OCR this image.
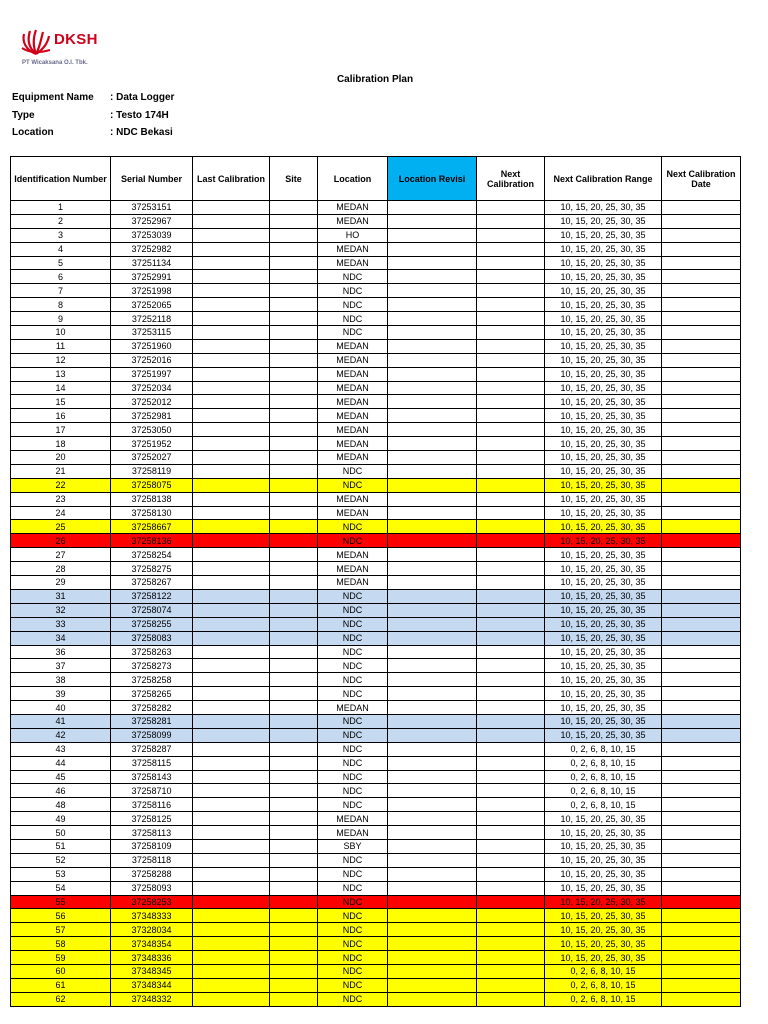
DKSH
PT Wicaksana O.I. Tbk.
Calibration Plan
Equipment Name	: Data Logger
Type	: Testo 174H
Location	: NDC Bekasi
Identification Number	Serial Number	Last Calibration	Site	Location	Location Revisi	Next Calibration	Next Calibration Range	Next Calibration Date
1	37253151			MEDAN			10, 15, 20, 25, 30, 35	
2	37252967			MEDAN			10, 15, 20, 25, 30, 35	
3	37253039			HO			10, 15, 20, 25, 30, 35	
4	37252982			MEDAN			10, 15, 20, 25, 30, 35	
5	37251134			MEDAN			10, 15, 20, 25, 30, 35	
6	37252991			NDC			10, 15, 20, 25, 30, 35	
7	37251998			NDC			10, 15, 20, 25, 30, 35	
8	37252065			NDC			10, 15, 20, 25, 30, 35	
9	37252118			NDC			10, 15, 20, 25, 30, 35	
10	37253115			NDC			10, 15, 20, 25, 30, 35	
11	37251960			MEDAN			10, 15, 20, 25, 30, 35	
12	37252016			MEDAN			10, 15, 20, 25, 30, 35	
13	37251997			MEDAN			10, 15, 20, 25, 30, 35	
14	37252034			MEDAN			10, 15, 20, 25, 30, 35	
15	37252012			MEDAN			10, 15, 20, 25, 30, 35	
16	37252981			MEDAN			10, 15, 20, 25, 30, 35	
17	37253050			MEDAN			10, 15, 20, 25, 30, 35	
18	37251952			MEDAN			10, 15, 20, 25, 30, 35	
20	37252027			MEDAN			10, 15, 20, 25, 30, 35	
21	37258119			NDC			10, 15, 20, 25, 30, 35	
22	37258075			NDC			10, 15, 20, 25, 30, 35	
23	37258138			MEDAN			10, 15, 20, 25, 30, 35	
24	37258130			MEDAN			10, 15, 20, 25, 30, 35	
25	37258667			NDC			10, 15, 20, 25, 30, 35	
26	37258136			NDC			10, 15, 20, 25, 30, 35	
27	37258254			MEDAN			10, 15, 20, 25, 30, 35	
28	37258275			MEDAN			10, 15, 20, 25, 30, 35	
29	37258267			MEDAN			10, 15, 20, 25, 30, 35	
31	37258122			NDC			10, 15, 20, 25, 30, 35	
32	37258074			NDC			10, 15, 20, 25, 30, 35	
33	37258255			NDC			10, 15, 20, 25, 30, 35	
34	37258083			NDC			10, 15, 20, 25, 30, 35	
36	37258263			NDC			10, 15, 20, 25, 30, 35	
37	37258273			NDC			10, 15, 20, 25, 30, 35	
38	37258258			NDC			10, 15, 20, 25, 30, 35	
39	37258265			NDC			10, 15, 20, 25, 30, 35	
40	37258282			MEDAN			10, 15, 20, 25, 30, 35	
41	37258281			NDC			10, 15, 20, 25, 30, 35	
42	37258099			NDC			10, 15, 20, 25, 30, 35	
43	37258287			NDC			0, 2, 6, 8, 10, 15	
44	37258115			NDC			0, 2, 6, 8, 10, 15	
45	37258143			NDC			0, 2, 6, 8, 10, 15	
46	37258710			NDC			0, 2, 6, 8, 10, 15	
48	37258116			NDC			0, 2, 6, 8, 10, 15	
49	37258125			MEDAN			10, 15, 20, 25, 30, 35	
50	37258113			MEDAN			10, 15, 20, 25, 30, 35	
51	37258109			SBY			10, 15, 20, 25, 30, 35	
52	37258118			NDC			10, 15, 20, 25, 30, 35	
53	37258288			NDC			10, 15, 20, 25, 30, 35	
54	37258093			NDC			10, 15, 20, 25, 30, 35	
55	37258253			NDC			10, 15, 20, 25, 30, 35	
56	37348333			NDC			10, 15, 20, 25, 30, 35	
57	37328034			NDC			10, 15, 20, 25, 30, 35	
58	37348354			NDC			10, 15, 20, 25, 30, 35	
59	37348336			NDC			10, 15, 20, 25, 30, 35	
60	37348345			NDC			0, 2, 6, 8, 10, 15	
61	37348344			NDC			0, 2, 6, 8, 10, 15	
62	37348332			NDC			0, 2, 6, 8, 10, 15	
